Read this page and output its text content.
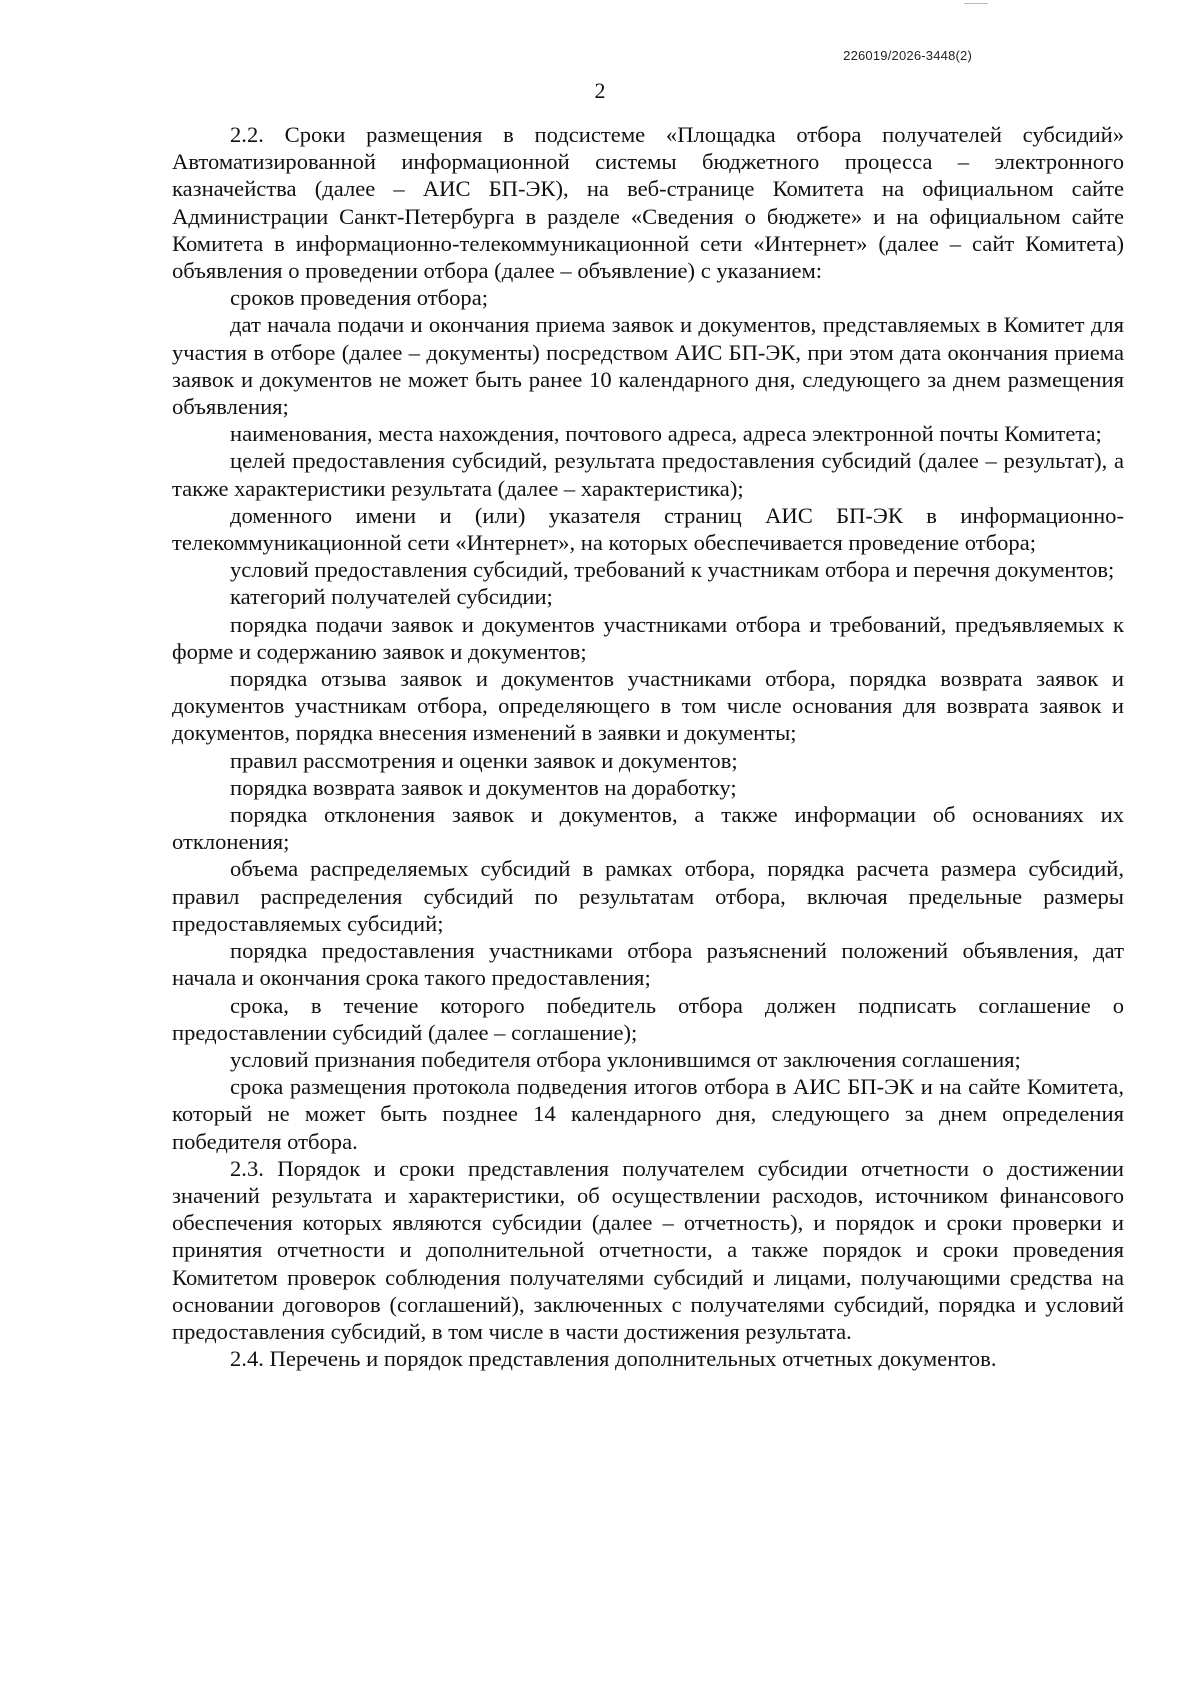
226019/2026-3448(2)
2

2.2. Сроки размещения в подсистеме «Площадка отбора получателей субсидий» Автоматизированной информационной системы бюджетного процесса – электронного казначейства (далее – АИС БП-ЭК), на веб-странице Комитета на официальном сайте Администрации Санкт-Петербурга в разделе «Сведения о бюджете» и на официальном сайте Комитета в информационно-телекоммуникационной сети «Интернет» (далее – сайт Комитета) объявления о проведении отбора (далее – объявление) с указанием:

сроков проведения отбора;

дат начала подачи и окончания приема заявок и документов, представляемых в Комитет для участия в отборе (далее – документы) посредством АИС БП-ЭК, при этом дата окончания приема заявок и документов не может быть ранее 10 календарного дня, следующего за днем размещения объявления;

наименования, места нахождения, почтового адреса, адреса электронной почты Комитета;

целей предоставления субсидий, результата предоставления субсидий (далее – результат), а также характеристики результата (далее – характеристика);

доменного имени и (или) указателя страниц АИС БП-ЭК в информационно-телекоммуникационной сети «Интернет», на которых обеспечивается проведение отбора;

условий предоставления субсидий, требований к участникам отбора и перечня документов;

категорий получателей субсидии;

порядка подачи заявок и документов участниками отбора и требований, предъявляемых к форме и содержанию заявок и документов;

порядка отзыва заявок и документов участниками отбора, порядка возврата заявок и документов участникам отбора, определяющего в том числе основания для возврата заявок и документов, порядка внесения изменений в заявки и документы;

правил рассмотрения и оценки заявок и документов;

порядка возврата заявок и документов на доработку;

порядка отклонения заявок и документов, а также информации об основаниях их отклонения;

объема распределяемых субсидий в рамках отбора, порядка расчета размера субсидий, правил распределения субсидий по результатам отбора, включая предельные размеры предоставляемых субсидий;

порядка предоставления участниками отбора разъяснений положений объявления, дат начала и окончания срока такого предоставления;

срока, в течение которого победитель отбора должен подписать соглашение о предоставлении субсидий (далее – соглашение);

условий признания победителя отбора уклонившимся от заключения соглашения;

срока размещения протокола подведения итогов отбора в АИС БП-ЭК и на сайте Комитета, который не может быть позднее 14 календарного дня, следующего за днем определения победителя отбора.

2.3. Порядок и сроки представления получателем субсидии отчетности о достижении значений результата и характеристики, об осуществлении расходов, источником финансового обеспечения которых являются субсидии (далее – отчетность), и порядок и сроки проверки и принятия отчетности и дополнительной отчетности, а также порядок и сроки проведения Комитетом проверок соблюдения получателями субсидий и лицами, получающими средства на основании договоров (соглашений), заключенных с получателями субсидий, порядка и условий предоставления субсидий, в том числе в части достижения результата.

2.4. Перечень и порядок представления дополнительных отчетных документов.
